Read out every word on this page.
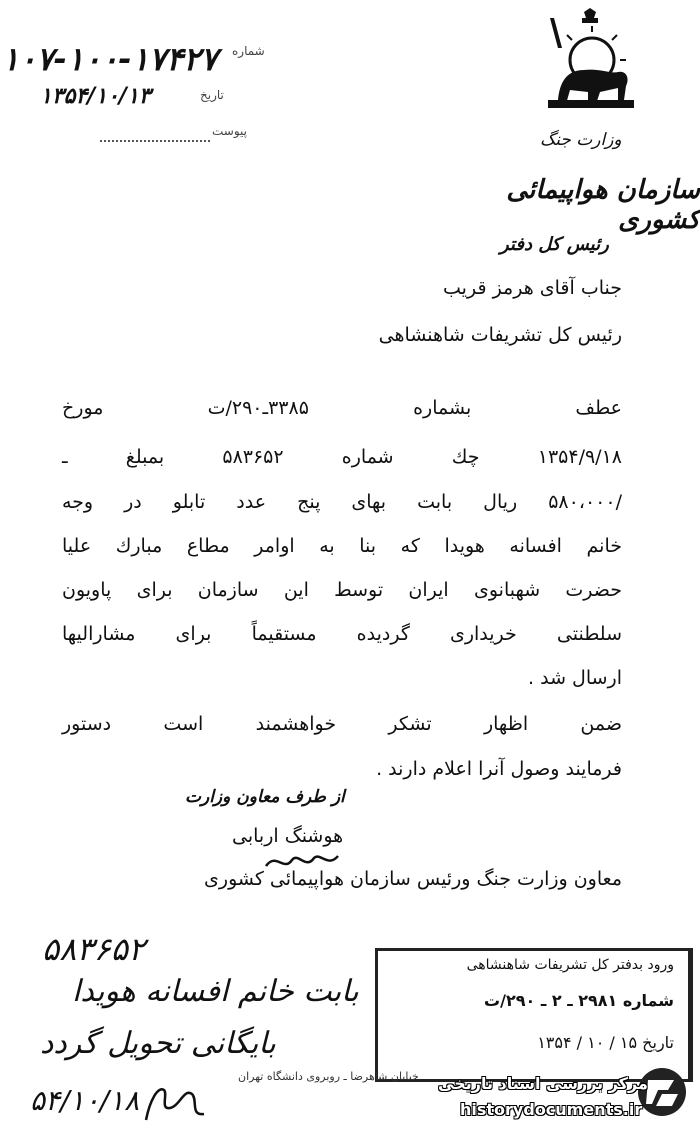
۱۰۷-۱۰۰-۱۷۴۲۷ شماره
۱۳۵۴/۱۰/۱۳	تاریخ
پیوست	وزارت جنگ
سازمان هواپیمائی کشوری
رئیس کل دفتر
جناب آقای هرمز قریب
رئیس کل تشریفات شاهنشاهی
عطف بشماره ۳۳۸۵ـ۲۹۰/ت مورخ
۱۳۵۴/۹/۱۸ چك شماره ۵۸۳۶۵۲ بمبلغ ـ
/۵۸۰،۰۰۰ ریال بابت بهای پنج عدد تابلو در وجه
خانم افسانه هویدا که بنا به اوامر مطاع مبارك علیا
حضرت شهبانوی ایران توسط این سازمان برای پاویون
سلطنتی خریداری گردیده مستقیماً برای مشارالیها
ارسال شد .
ضمن اظهار تشکر خواهشمند است دستور
فرمایند وصول آنرا اعلام دارند .
از طرف معاون وزارت
هوشنگ اربابی
معاون وزارت جنگ ورئیس سازمان هواپیمائی کشوری
ورود بدفتر کل تشریفات شاهنشاهی
شماره ۲۹۸۱ ـ ۲ ـ ۲۹۰/ت
تاریخ ۱۵ / ۱۰ / ۱۳۵۴
خیابان شاهرضا ـ روبروی دانشگاه تهران
۵۸۳۶۵۲
بابت خانم افسانه هویدا
بایگانی تحویل گردد
۵۴/۱۰/۱۸
مرکز بررسی اسناد تاریخی
historydocuments.ir
